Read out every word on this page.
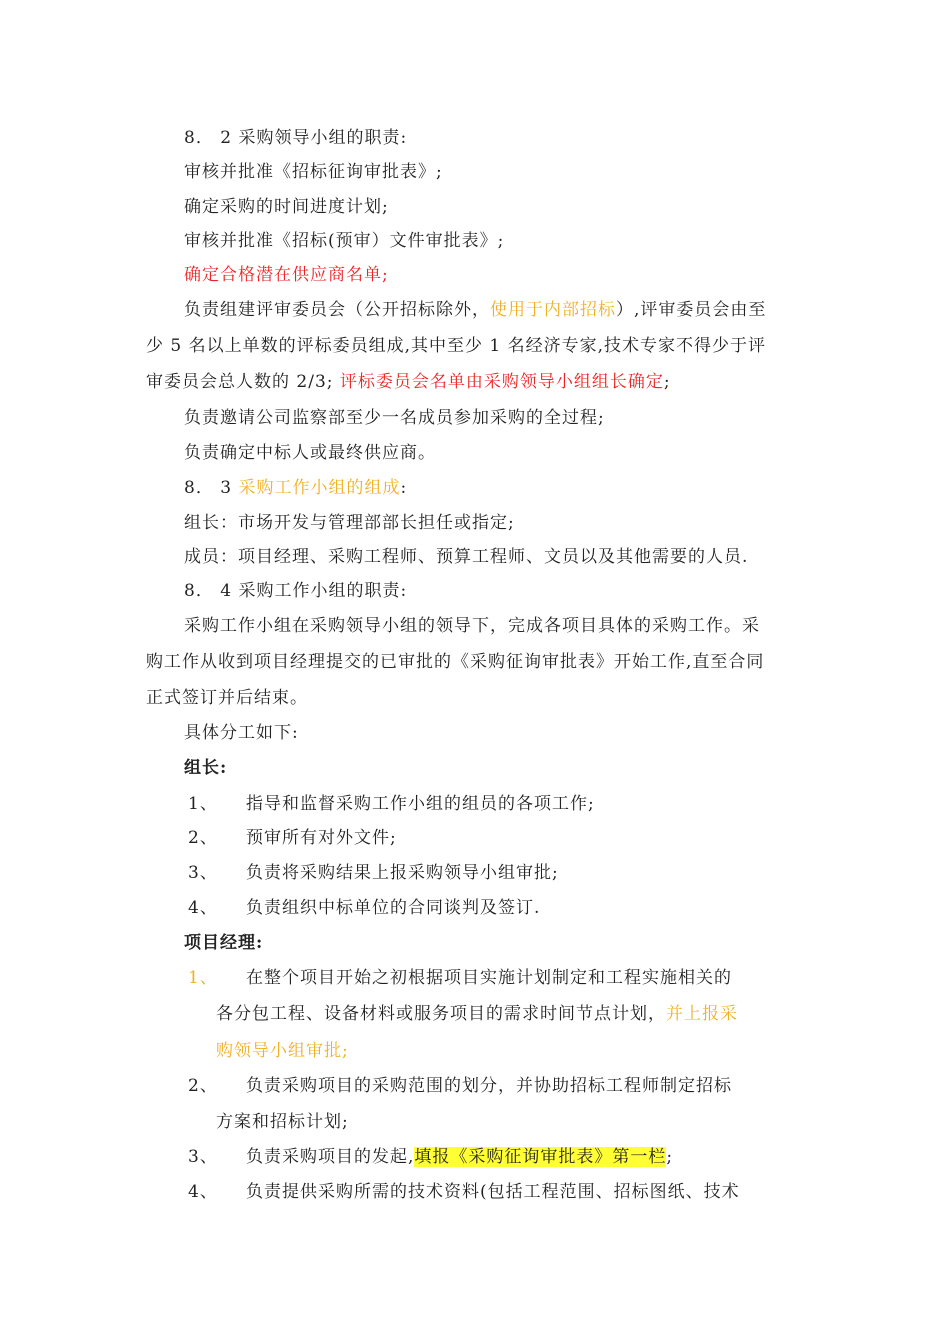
8． 2 采购领导小组的职责:
审核并批准《招标征询审批表》;
确定采购的时间进度计划;
审核并批准《招标(预审）文件审批表》;
确定合格潜在供应商名单;
负责组建评审委员会（公开招标除外，使用于内部招标）,评审委员会由至
少 5 名以上单数的评标委员组成,其中至少 1 名经济专家,技术专家不得少于评
审委员会总人数的 2/3; 评标委员会名单由采购领导小组组长确定;
负责邀请公司监察部至少一名成员参加采购的全过程;
负责确定中标人或最终供应商。
8． 3 采购工作小组的组成:
组长：市场开发与管理部部长担任或指定;
成员：项目经理、采购工程师、预算工程师、文员以及其他需要的人员.
8． 4 采购工作小组的职责:
采购工作小组在采购领导小组的领导下，完成各项目具体的采购工作。采
购工作从收到项目经理提交的已审批的《采购征询审批表》开始工作,直至合同
正式签订并后结束。
具体分工如下:
组长:
1、 指导和监督采购工作小组的组员的各项工作;
2、 预审所有对外文件;
3、 负责将采购结果上报采购领导小组审批;
4、 负责组织中标单位的合同谈判及签订.
项目经理:
1、 在整个项目开始之初根据项目实施计划制定和工程实施相关的
各分包工程、设备材料或服务项目的需求时间节点计划，并上报采
购领导小组审批;
2、 负责采购项目的采购范围的划分，并协助招标工程师制定招标
方案和招标计划;
3、 负责采购项目的发起,填报《采购征询审批表》第一栏;
4、 负责提供采购所需的技术资料(包括工程范围、招标图纸、技术
